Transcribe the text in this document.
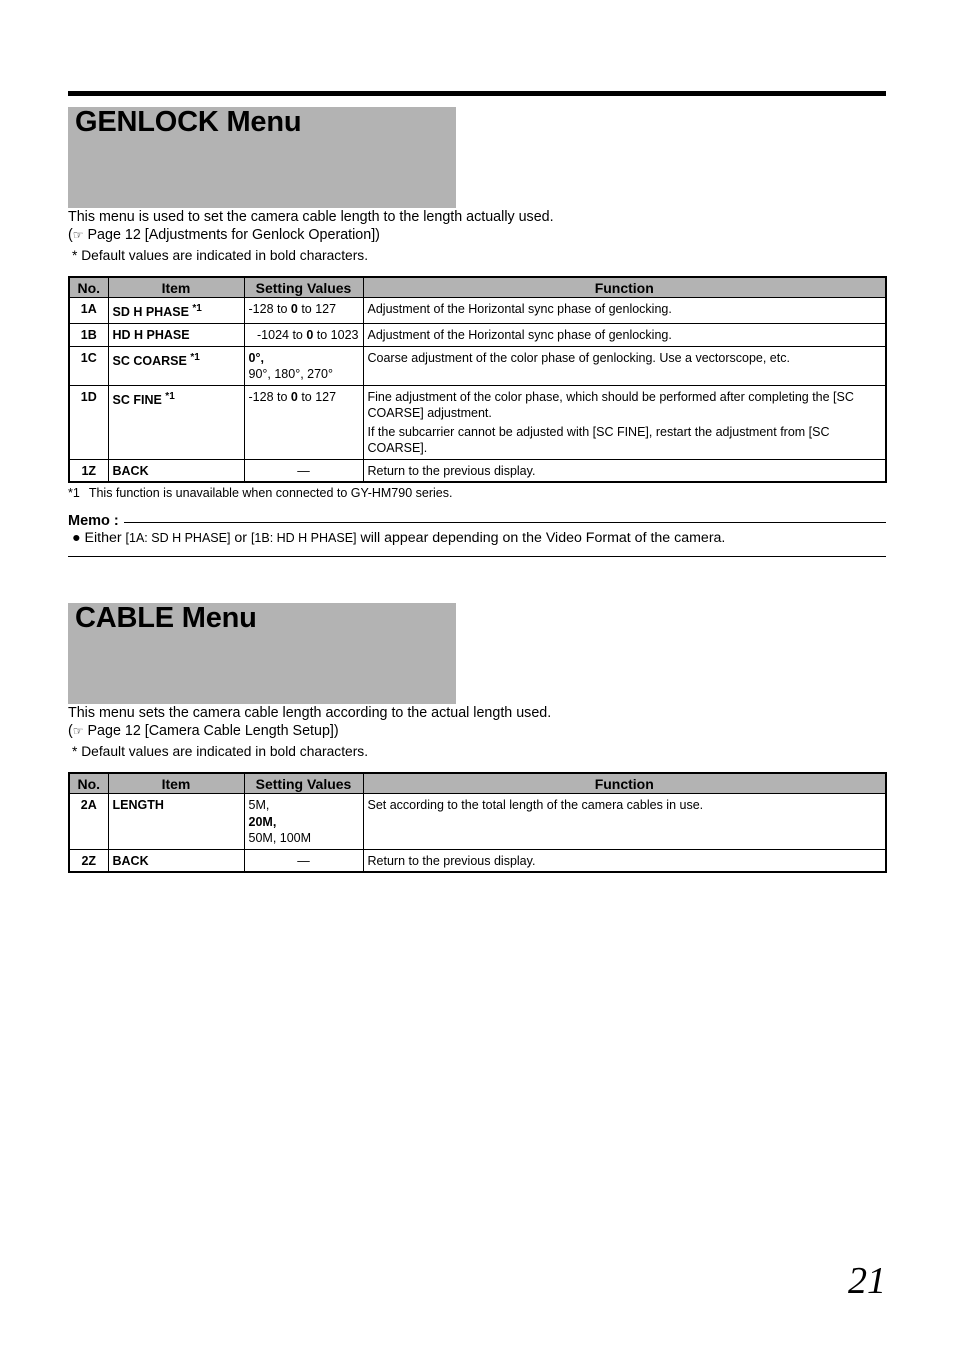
GENLOCK Menu

This menu is used to set the camera cable length to the length actually used.

(☞ Page 12 [Adjustments for Genlock Operation])

* Default values are indicated in bold characters.

No.	Item	Setting Values	Function
1A	SD H PHASE $^{*1}$	-128 to 0 to 127	Adjustment of the Horizontal sync phase of genlocking.

1B	HD H PHASE	-1024 to 0 to 1023	Adjustment of the Horizontal sync phase of genlocking.

1C	SC COARSE $^{*1}$	0°,
90°, 180°, 270°	Coarse adjustment of the color phase of genlocking. Use a vectorscope, etc.

1D	SC FINE $^{*1}$	-128 to 0 to 127	Fine adjustment of the color phase, which should be performed after completing the [SC COARSE] adjustment.

If the subcarrier cannot be adjusted with [SC FINE], restart the adjustment from [SC COARSE].

1Z	BACK	—	Return to the previous display.

*1 This function is unavailable when connected to GY-HM790 series.
Memo :
● Either [1A: SD H PHASE] or [1B: HD H PHASE] will appear depending on the Video Format of the camera.
CABLE Menu

This menu sets the camera cable length according to the actual length used.

(☞ Page 12 [Camera Cable Length Setup])

* Default values are indicated in bold characters.

No.	Item	Setting Values	Function
2A	LENGTH	5M,
20M,
50M, 100M	Set according to the total length of the camera cables in use.
2Z	BACK	—	Return to the previous display.
21
